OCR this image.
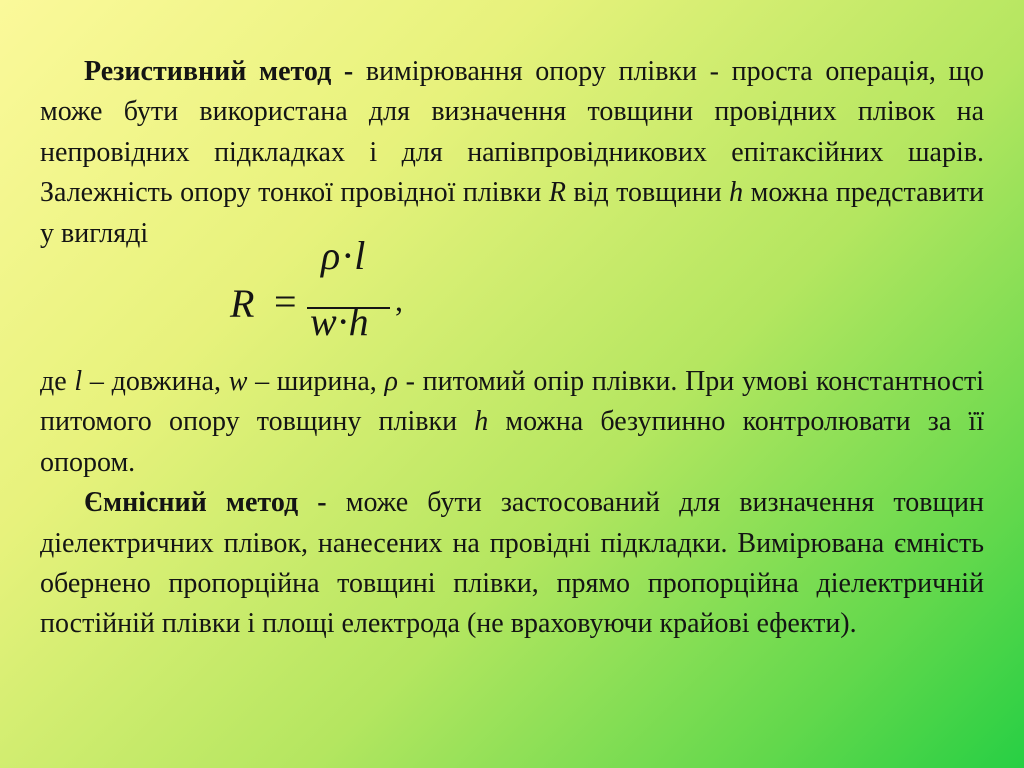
Резистивний метод - вимірювання опору плівки - проста операція, що може бути використана для визначення товщини провідних плівок на непровідних підкладках і для напівпровідникових епітаксійних шарів. Залежність опору тонкої провідної плівки R від товщини h можна представити у вигляді

R =
ρ·l
w·h ,

де l – довжина, w – ширина, ρ - питомий опір плівки. При умові константності питомого опору товщину плівки h можна безупинно контролювати за її опором.

Ємнісний метод - може бути застосований для визначення товщин діелектричних плівок, нанесених на провідні підкладки. Вимірювана ємність обернено пропорційна товщині плівки, прямо пропорційна діелектричній постійній плівки і площі електрода (не враховуючи крайові ефекти).
